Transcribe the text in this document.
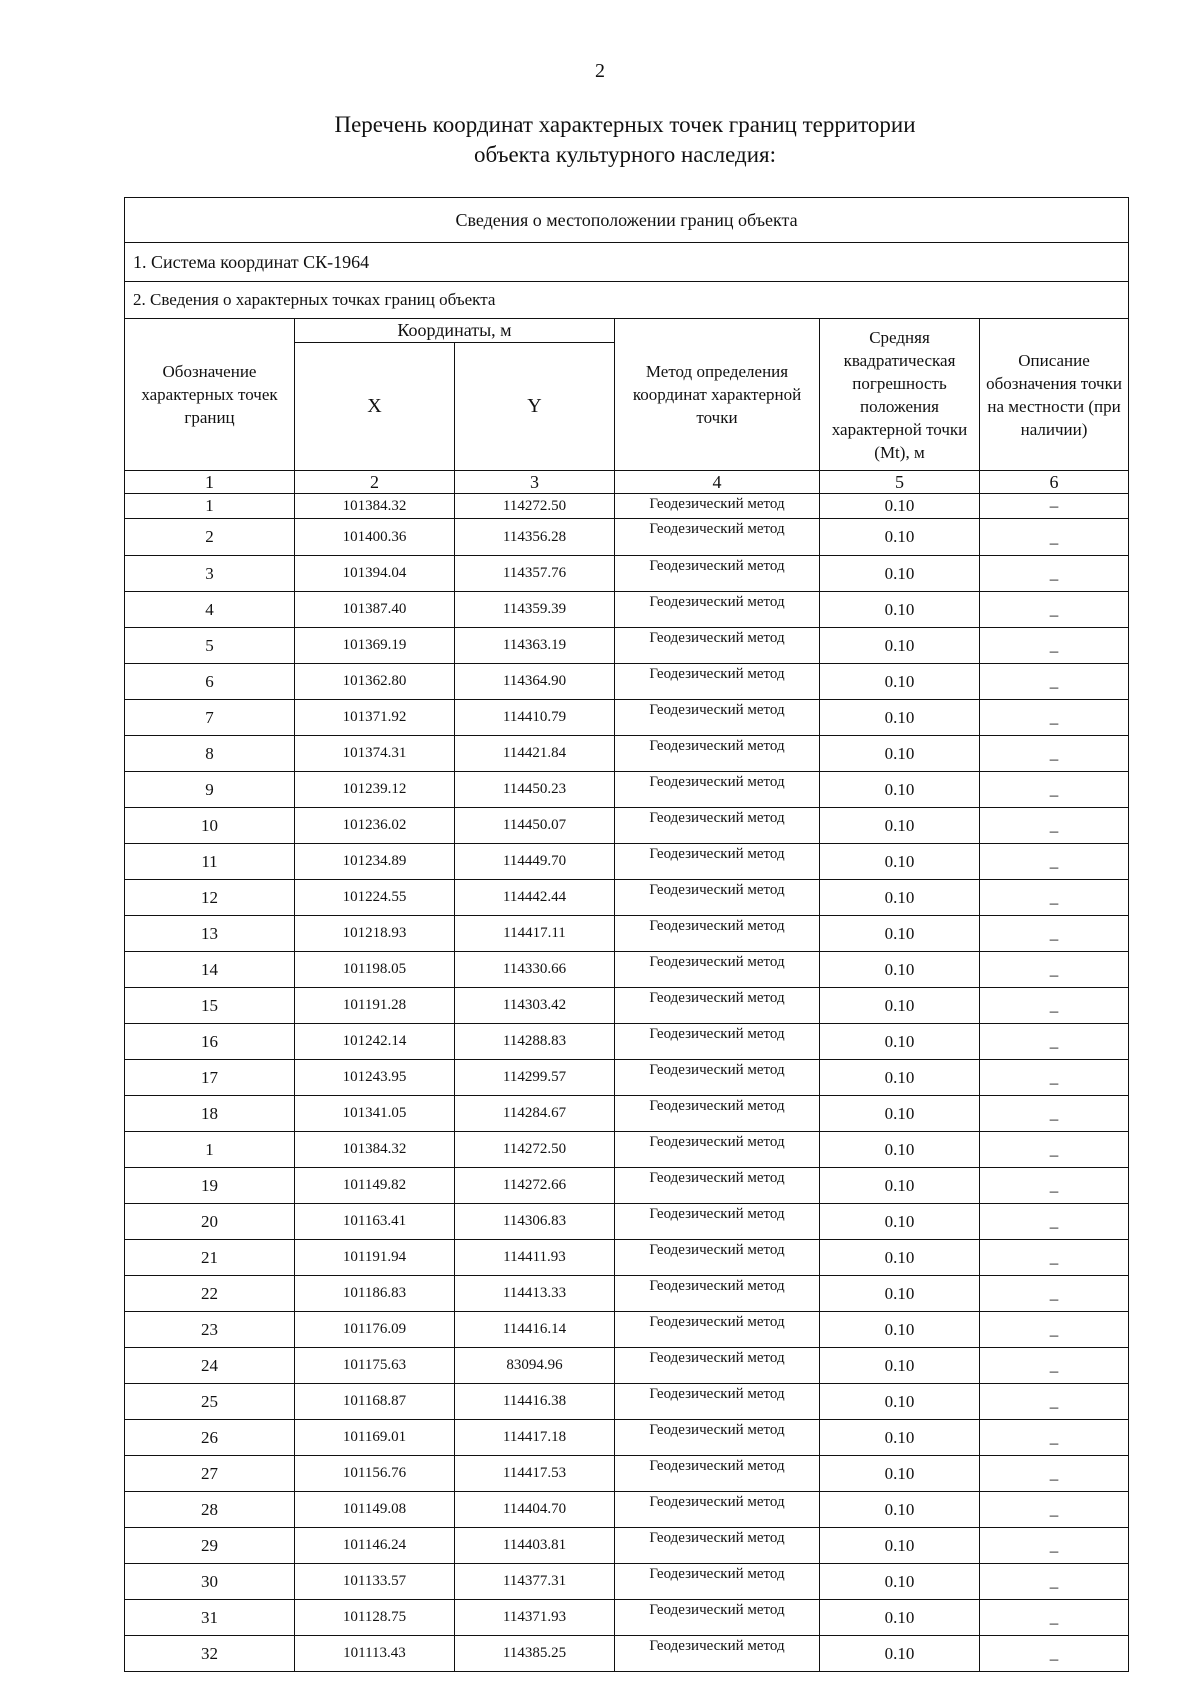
2
Перечень координат характерных точек границ территории
объекта культурного наследия:
Сведения о местоположении границ объекта					
1. Система координат СК-1964					
2. Сведения о характерных точках границ объекта					
Обозначение характерных точек границ	Координаты, м		Метод определения координат характерной точки	Средняя квадратическая погрешность положения характерной точки (Mt), м	Описание обозначения точки на местности (при наличии)
	X	Y			
1	2	3	4	5	6
1	101384.32	114272.50	Геодезический метод	0.10	–
2	101400.36	114356.28	Геодезический метод	0.10	–
3	101394.04	114357.76	Геодезический метод	0.10	–
4	101387.40	114359.39	Геодезический метод	0.10	–
5	101369.19	114363.19	Геодезический метод	0.10	–
6	101362.80	114364.90	Геодезический метод	0.10	–
7	101371.92	114410.79	Геодезический метод	0.10	–
8	101374.31	114421.84	Геодезический метод	0.10	–
9	101239.12	114450.23	Геодезический метод	0.10	–
10	101236.02	114450.07	Геодезический метод	0.10	–
11	101234.89	114449.70	Геодезический метод	0.10	–
12	101224.55	114442.44	Геодезический метод	0.10	–
13	101218.93	114417.11	Геодезический метод	0.10	–
14	101198.05	114330.66	Геодезический метод	0.10	–
15	101191.28	114303.42	Геодезический метод	0.10	–
16	101242.14	114288.83	Геодезический метод	0.10	–
17	101243.95	114299.57	Геодезический метод	0.10	–
18	101341.05	114284.67	Геодезический метод	0.10	–
1	101384.32	114272.50	Геодезический метод	0.10	–
19	101149.82	114272.66	Геодезический метод	0.10	–
20	101163.41	114306.83	Геодезический метод	0.10	–
21	101191.94	114411.93	Геодезический метод	0.10	–
22	101186.83	114413.33	Геодезический метод	0.10	–
23	101176.09	114416.14	Геодезический метод	0.10	–
24	101175.63	83094.96	Геодезический метод	0.10	–
25	101168.87	114416.38	Геодезический метод	0.10	–
26	101169.01	114417.18	Геодезический метод	0.10	–
27	101156.76	114417.53	Геодезический метод	0.10	–
28	101149.08	114404.70	Геодезический метод	0.10	–
29	101146.24	114403.81	Геодезический метод	0.10	–
30	101133.57	114377.31	Геодезический метод	0.10	–
31	101128.75	114371.93	Геодезический метод	0.10	–
32	101113.43	114385.25	Геодезический метод	0.10	–
